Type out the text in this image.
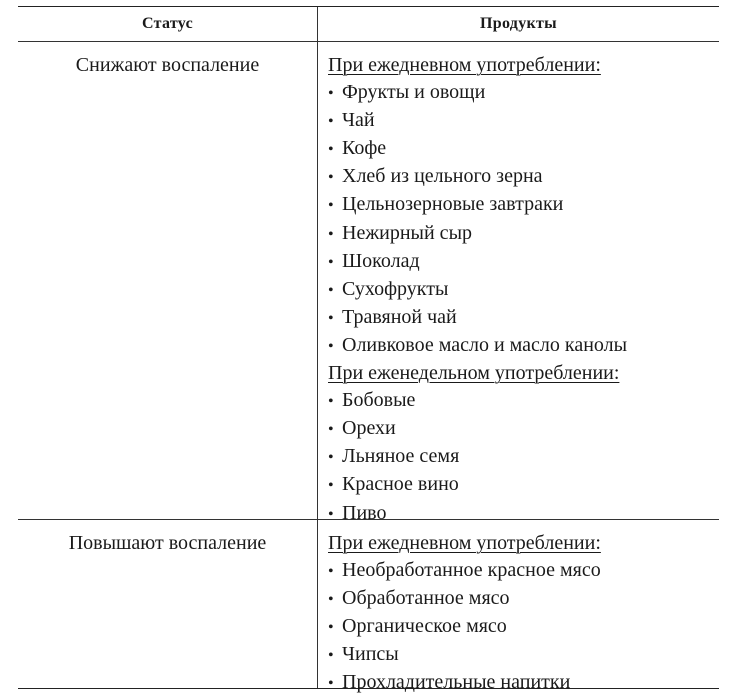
Статус	Продукты
Снижают воспаление	При ежедневном употреблении:
• Фрукты и овощи
• Чай
• Кофе
• Хлеб из цельного зерна
• Цельнозерновые завтраки
• Нежирный сыр
• Шоколад
• Сухофрукты
• Травяной чай
• Оливковое масло и масло канолы
При еженедельном употреблении:
• Бобовые
• Орехи
• Льняное семя
• Красное вино
• Пиво
Повышают воспаление	При ежедневном употреблении:
• Необработанное красное мясо
• Обработанное мясо
• Органическое мясо
• Чипсы
• Прохладительные напитки
